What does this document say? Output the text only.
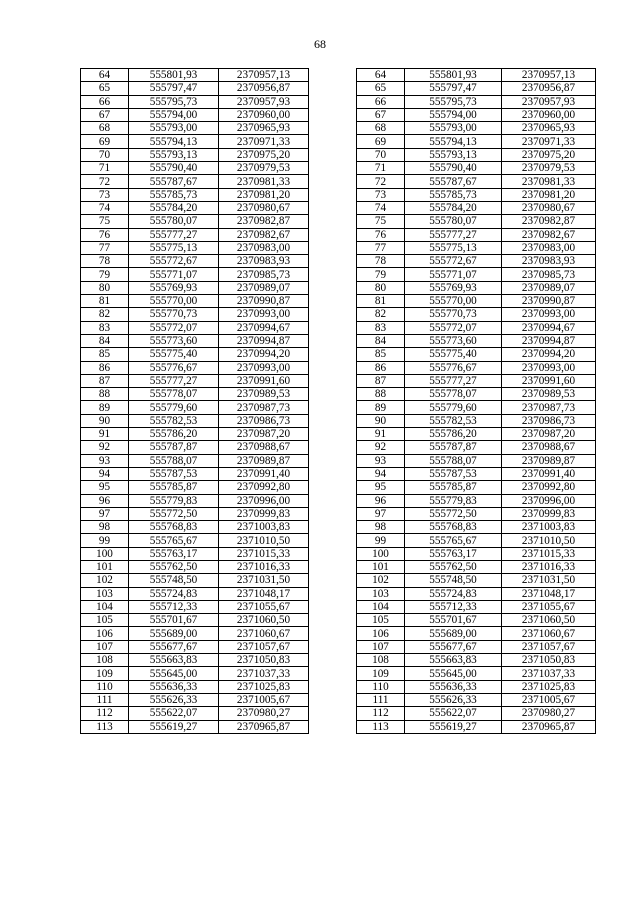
68
64	555801,93	2370957,13		64	555801,93	2370957,13
65	555797,47	2370956,87		65	555797,47	2370956,87
66	555795,73	2370957,93		66	555795,73	2370957,93
67	555794,00	2370960,00		67	555794,00	2370960,00
68	555793,00	2370965,93		68	555793,00	2370965,93
69	555794,13	2370971,33		69	555794,13	2370971,33
70	555793,13	2370975,20		70	555793,13	2370975,20
71	555790,40	2370979,53		71	555790,40	2370979,53
72	555787,67	2370981,33		72	555787,67	2370981,33
73	555785,73	2370981,20		73	555785,73	2370981,20
74	555784,20	2370980,67		74	555784,20	2370980,67
75	555780,07	2370982,87		75	555780,07	2370982,87
76	555777,27	2370982,67		76	555777,27	2370982,67
77	555775,13	2370983,00		77	555775,13	2370983,00
78	555772,67	2370983,93		78	555772,67	2370983,93
79	555771,07	2370985,73		79	555771,07	2370985,73
80	555769,93	2370989,07		80	555769,93	2370989,07
81	555770,00	2370990,87		81	555770,00	2370990,87
82	555770,73	2370993,00		82	555770,73	2370993,00
83	555772,07	2370994,67		83	555772,07	2370994,67
84	555773,60	2370994,87		84	555773,60	2370994,87
85	555775,40	2370994,20		85	555775,40	2370994,20
86	555776,67	2370993,00		86	555776,67	2370993,00
87	555777,27	2370991,60		87	555777,27	2370991,60
88	555778,07	2370989,53		88	555778,07	2370989,53
89	555779,60	2370987,73		89	555779,60	2370987,73
90	555782,53	2370986,73		90	555782,53	2370986,73
91	555786,20	2370987,20		91	555786,20	2370987,20
92	555787,87	2370988,67		92	555787,87	2370988,67
93	555788,07	2370989,87		93	555788,07	2370989,87
94	555787,53	2370991,40		94	555787,53	2370991,40
95	555785,87	2370992,80		95	555785,87	2370992,80
96	555779,83	2370996,00		96	555779,83	2370996,00
97	555772,50	2370999,83		97	555772,50	2370999,83
98	555768,83	2371003,83		98	555768,83	2371003,83
99	555765,67	2371010,50		99	555765,67	2371010,50
100	555763,17	2371015,33		100	555763,17	2371015,33
101	555762,50	2371016,33		101	555762,50	2371016,33
102	555748,50	2371031,50		102	555748,50	2371031,50
103	555724,83	2371048,17		103	555724,83	2371048,17
104	555712,33	2371055,67		104	555712,33	2371055,67
105	555701,67	2371060,50		105	555701,67	2371060,50
106	555689,00	2371060,67		106	555689,00	2371060,67
107	555677,67	2371057,67		107	555677,67	2371057,67
108	555663,83	2371050,83		108	555663,83	2371050,83
109	555645,00	2371037,33		109	555645,00	2371037,33
110	555636,33	2371025,83		110	555636,33	2371025,83
111	555626,33	2371005,67		111	555626,33	2371005,67
112	555622,07	2370980,27		112	555622,07	2370980,27
113	555619,27	2370965,87		113	555619,27	2370965,87
